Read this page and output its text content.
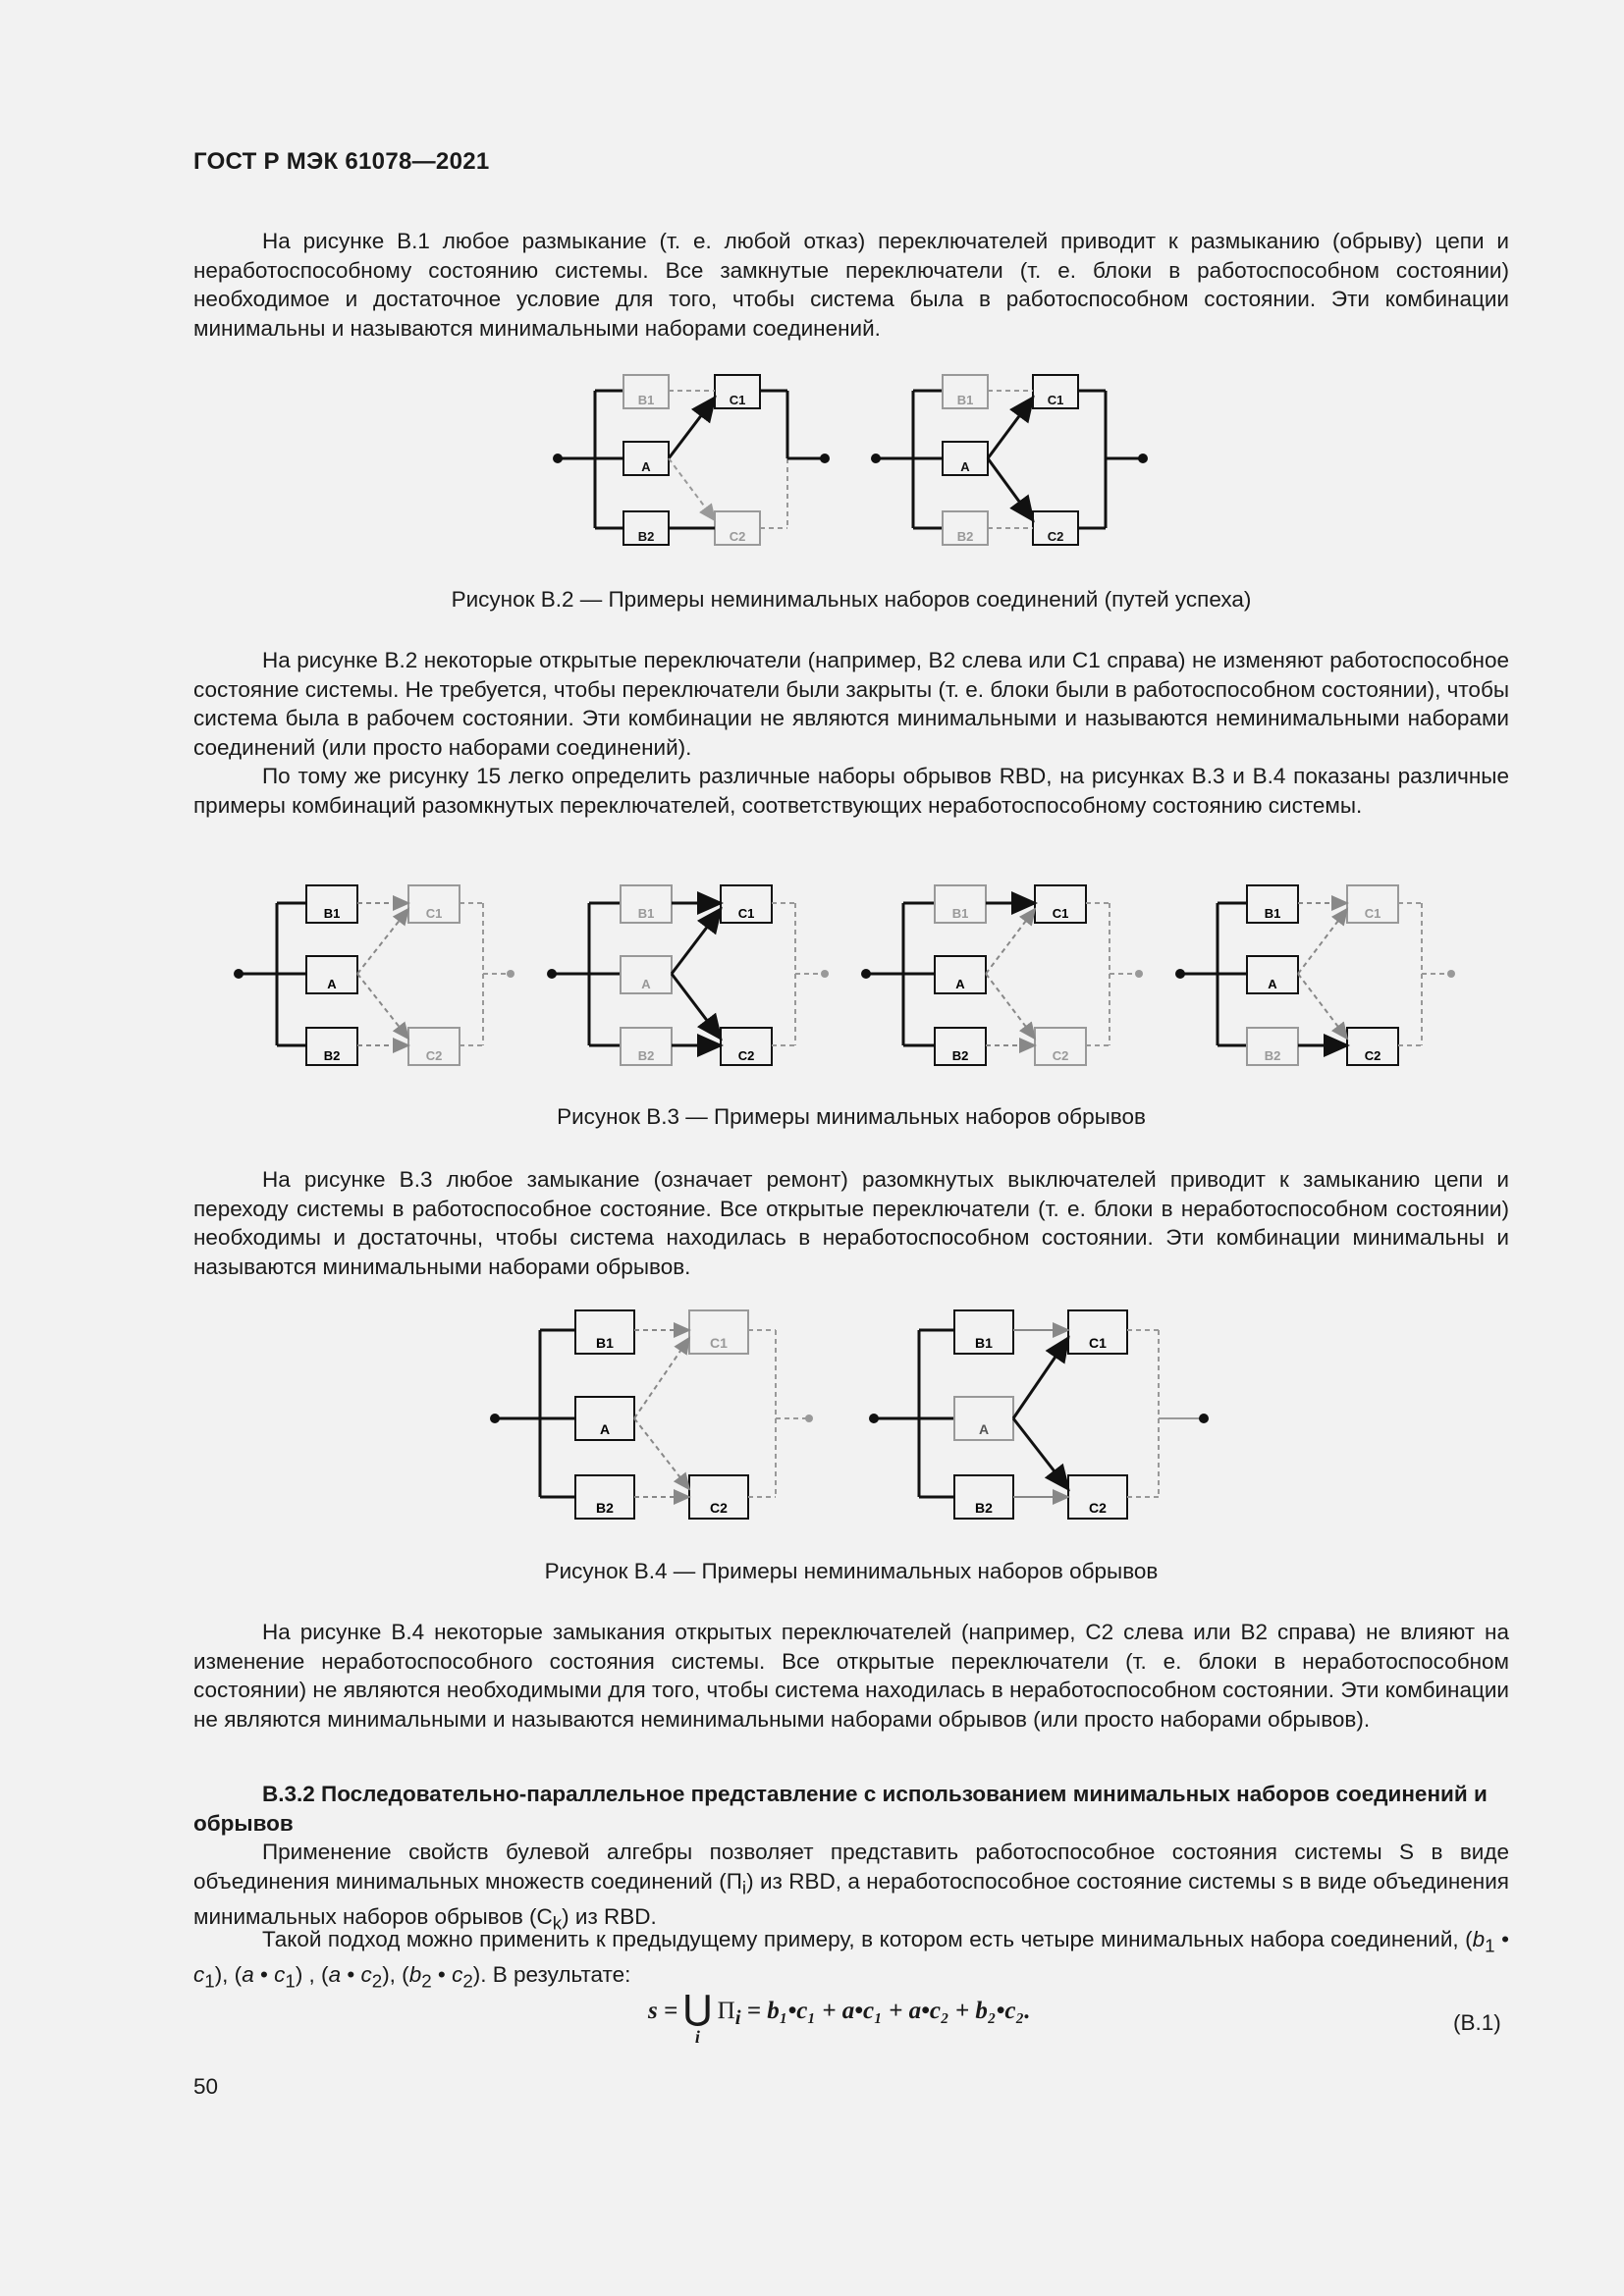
ГОСТ Р МЭК 61078—2021
На рисунке В.1 любое размыкание (т. е. любой отказ) переключателей приводит к размыканию (обрыву) цепи и неработоспособному состоянию системы. Все замкнутые переключатели (т. е. блоки в работоспособном состоянии) необходимое и достаточное условие для того, чтобы система была в работоспособном состоянии. Эти комбинации минимальны и называются минимальными наборами соединений.
B1
A
B2
C1
C2
B1
A
B2
C1
C2
Рисунок В.2 — Примеры неминимальных наборов соединений (путей успеха)
На рисунке В.2 некоторые открытые переключатели (например, В2 слева или С1 справа) не изменяют работоспособное состояние системы. Не требуется, чтобы переключатели были закрыты (т. е. блоки были в работоспособном состоянии), чтобы система была в рабочем состоянии. Эти комбинации не являются минимальными и называются неминимальными наборами соединений (или просто наборами соединений).
По тому же рисунку 15 легко определить различные наборы обрывов RBD, на рисунках В.3 и В.4 показаны различные примеры комбинаций разомкнутых переключателей, соответствующих неработоспособному состоянию системы.
B1
A
B2
C1
C2
B1
A
B2
C1
C2
B1
A
B2
C1
C2
B1
A
B2
C1
C2
Рисунок В.3 — Примеры минимальных наборов обрывов
На рисунке В.3 любое замыкание (означает ремонт) разомкнутых выключателей приводит к замыканию цепи и переходу системы в работоспособное состояние. Все открытые переключатели (т. е. блоки в неработоспособном состоянии) необходимы и достаточны, чтобы система находилась в неработоспособном состоянии. Эти комбинации минимальны и называются минимальными наборами обрывов.
B1
A
B2
C1
C2
B1
A
B2
C1
C2
Рисунок В.4 — Примеры неминимальных наборов обрывов
На рисунке В.4 некоторые замыкания открытых переключателей (например, С2 слева или В2 справа) не влияют на изменение неработоспособного состояния системы. Все открытые переключатели (т. е. блоки в неработоспособном состоянии) не являются необходимыми для того, чтобы система находилась в неработоспособном состоянии. Эти комбинации не являются минимальными и называются неминимальными наборами обрывов (или просто наборами обрывов).
В.3.2 Последовательно-параллельное представление с использованием минимальных наборов соединений и обрывов
Применение свойств булевой алгебры позволяет представить работоспособное состояния системы S в виде объединения минимальных множеств соединений $(П_i)$ из RBD, а неработоспособное состояние системы s в виде объединения минимальных наборов обрывов $(C_k)$ из RBD.
Такой подход можно применить к предыдущему примеру, в котором есть четыре минимальных набора соединений, ($b_1$ • $c_1$), (a • $c_1$) , (a • $c_2$), ($b_2$ • $c_2$). В результате:
s = ⋃
i $\Pi_i$ = b₁•c₁ + a•c₁ + a•c₂ + b₂•c₂.	(В.1)
50
